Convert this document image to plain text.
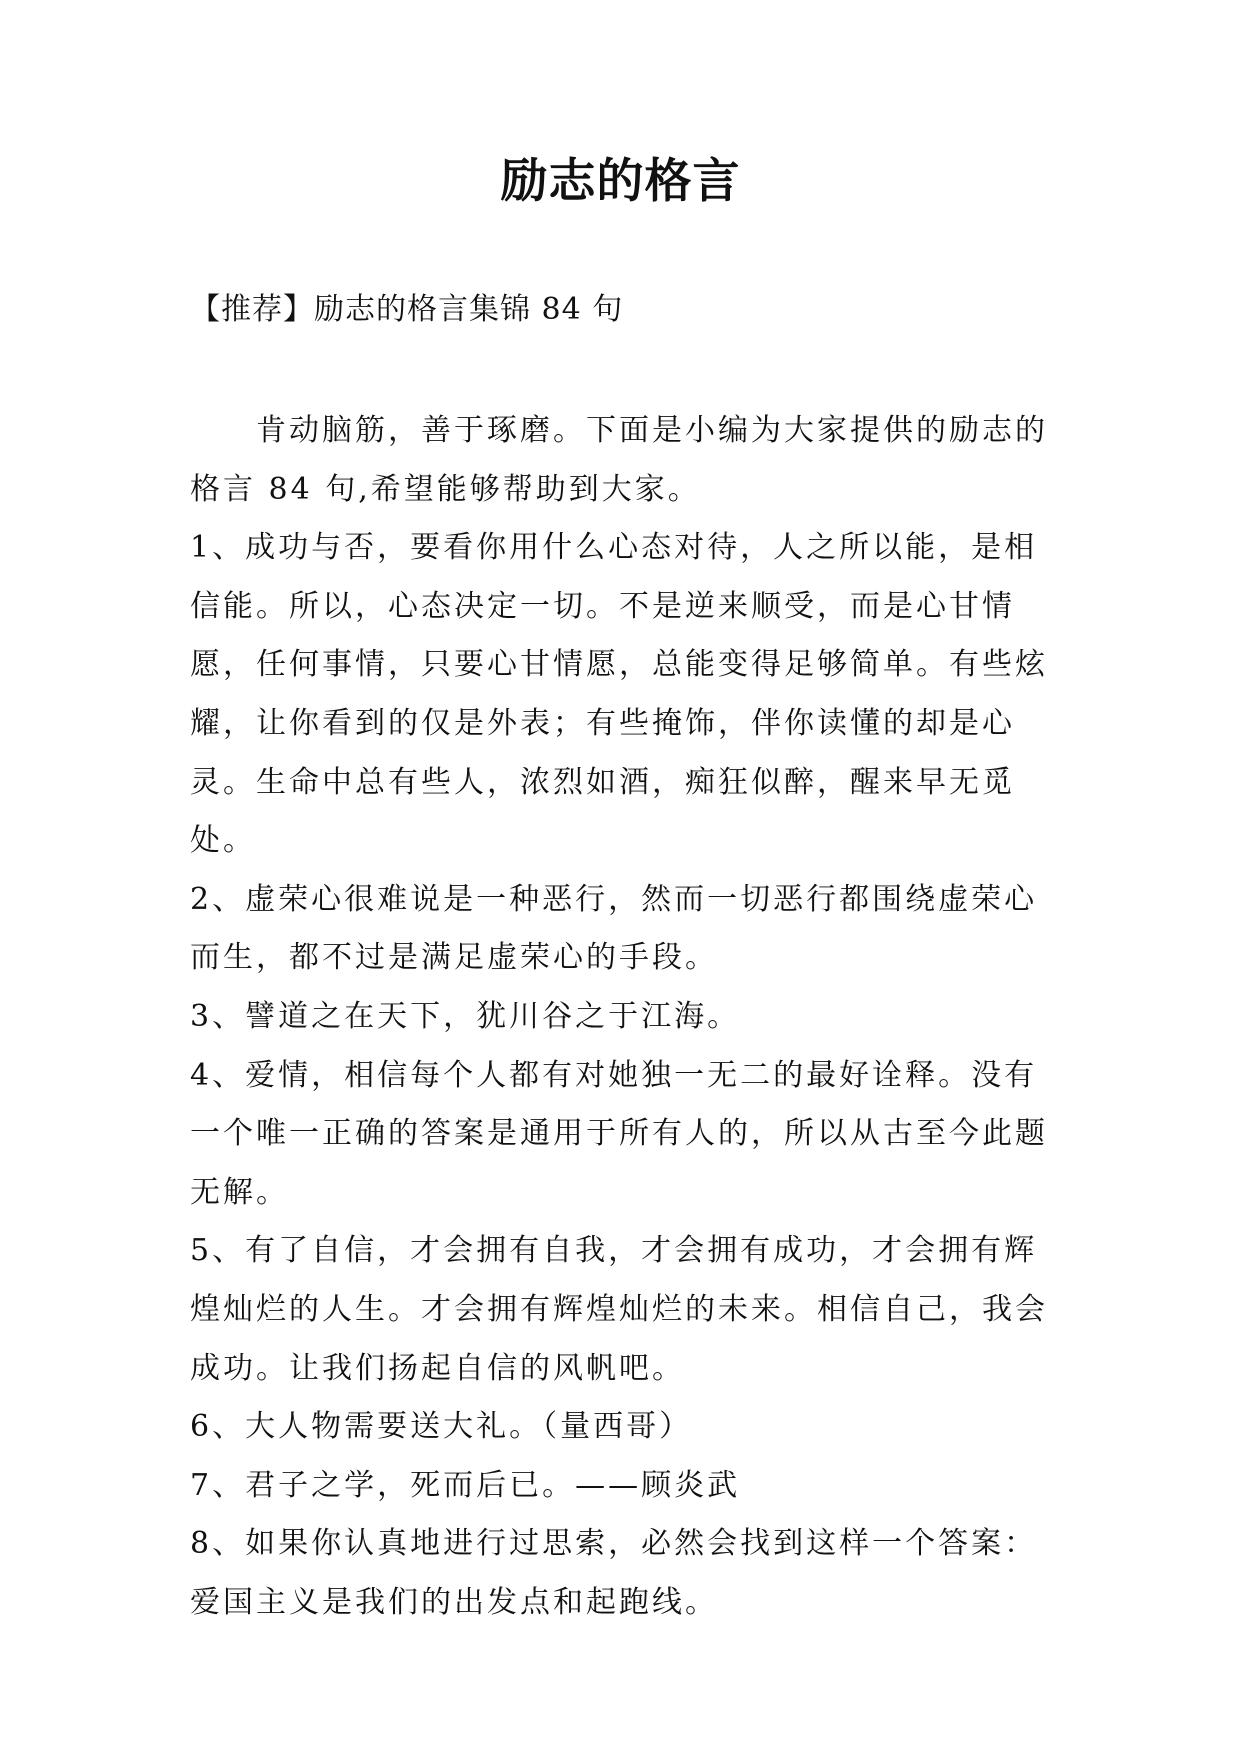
励志的格言
【推荐】励志的格言集锦 84 句

肯动脑筋，善于琢磨。下面是小编为大家提供的励志的格言 84 句,希望能够帮助到大家。

1、成功与否，要看你用什么心态对待，人之所以能，是相信能。所以，心态决定一切。不是逆来顺受，而是心甘情愿，任何事情，只要心甘情愿，总能变得足够简单。有些炫耀，让你看到的仅是外表；有些掩饰，伴你读懂的却是心灵。生命中总有些人，浓烈如酒，痴狂似醉，醒来早无觅处。

2、虚荣心很难说是一种恶行，然而一切恶行都围绕虚荣心而生，都不过是满足虚荣心的手段。

3、譬道之在天下，犹川谷之于江海。

4、爱情，相信每个人都有对她独一无二的最好诠释。没有一个唯一正确的答案是通用于所有人的，所以从古至今此题无解。

5、有了自信，才会拥有自我，才会拥有成功，才会拥有辉煌灿烂的人生。才会拥有辉煌灿烂的未来。相信自己，我会成功。让我们扬起自信的风帆吧。

6、大人物需要送大礼。（量西哥）

7、君子之学，死而后已。——顾炎武

8、如果你认真地进行过思索，必然会找到这样一个答案：爱国主义是我们的出发点和起跑线。
